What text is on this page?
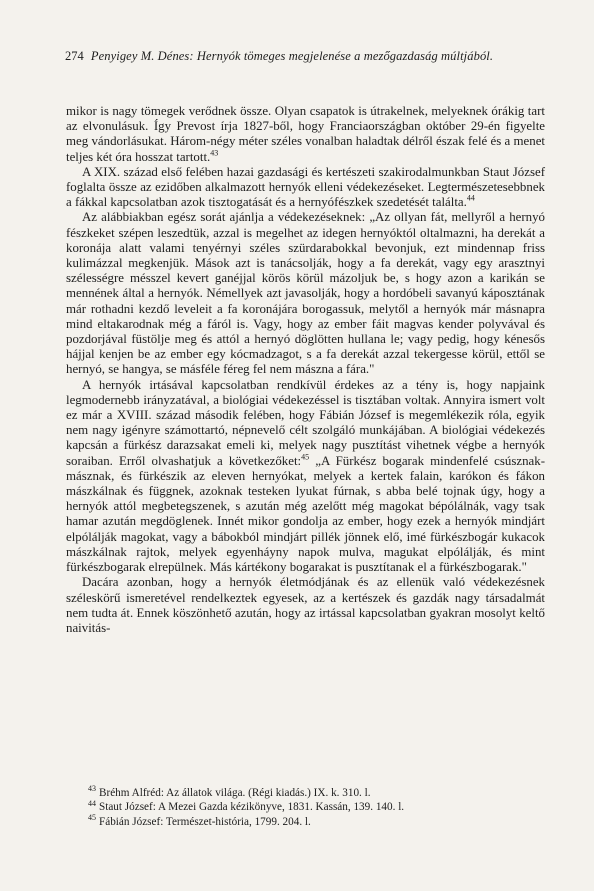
274 Penyigey M. Dénes: Hernyók tömeges megjelenése a mezőgazdaság múltjából.

mikor is nagy tömegek verődnek össze. Olyan csapatok is útrakelnek, melyeknek órákig tart az elvonulásuk. Így Prevost írja 1827-ből, hogy Franciaországban október 29-én figyelte meg vándorlásukat. Három-négy méter széles vonalban haladtak délről észak felé és a menet teljes két óra hosszat tartott.$^{43}$

A XIX. század első felében hazai gazdasági és kertészeti szakirodalmunkban Staut József foglalta össze az ezidőben alkalmazott hernyók elleni védekezéseket. Legtermészetesebbnek a fákkal kapcsolatban azok tisztogatását és a hernyófészkek szedetését találta.$^{44}$

Az alábbiakban egész sorát ajánlja a védekezéseknek: „Az ollyan fát, mellyről a hernyó fészkeket szépen leszedtük, azzal is megelhet az idegen hernyóktól oltalmazni, ha derekát a koronája alatt valami tenyérnyi széles szürdarabokkal bevonjuk, ezt mindennap friss kulimázzal megkenjük. Mások azt is tanácsolják, hogy a fa derekát, vagy egy arasztnyi szélességre mésszel kevert ganéjjal körös körül mázoljuk be, s hogy azon a karikán se mennének által a hernyók. Némellyek azt javasolják, hogy a hordóbeli savanyú káposztának már rothadni kezdő leveleit a fa koronájára borogassuk, melytől a hernyók már másnapra mind eltakarodnak még a fáról is. Vagy, hogy az ember fáit magvas kender polyvával és pozdorjával füstölje meg és attól a hernyó döglötten hullana le; vagy pedig, hogy kénesős hájjal kenjen be az ember egy kócmadzagot, s a fa derekát azzal tekergesse körül, ettől se hernyó, se hangya, se másféle féreg fel nem mászna a fára."

A hernyók irtásával kapcsolatban rendkívül érdekes az a tény is, hogy napjaink legmodernebb irányzatával, a biológiai védekezéssel is tisztában voltak. Annyira ismert volt ez már a XVIII. század második felében, hogy Fábián József is megemlékezik róla, egyik nem nagy igényre számottartó, népnevelő célt szolgáló munkájában. A biológiai védekezés kapcsán a fürkész darazsakat emeli ki, melyek nagy pusztítást vihetnek végbe a hernyók soraiban. Erről olvashatjuk a következőket:$^{45}$ „A Fürkész bogarak mindenfelé csúsznak-másznak, és fürkészik az eleven hernyókat, melyek a kertek falain, karókon és fákon mászkálnak és függnek, azoknak testeken lyukat fúrnak, s abba belé tojnak úgy, hogy a hernyók attól megbetegszenek, s azután még azelőtt még magokat bépólálnák, vagy tsak hamar azután megdöglenek. Innét mikor gondolja az ember, hogy ezek a hernyók mindjárt elpólálják magokat, vagy a bábokból mindjárt pillék jönnek elő, imé fürkészbogár kukacok mászkálnak rajtok, melyek egyenháyny napok mulva, magukat elpólálják, és mint fürkészbogarak elrepülnek. Más kártékony bogarakat is pusztítanak el a fürkészbogarak."

Dacára azonban, hogy a hernyók életmódjának és az ellenük való védekezésnek széleskörű ismeretével rendelkeztek egyesek, az a kertészek és gazdák nagy társadalmát nem tudta át. Ennek köszönhető azután, hogy az irtással kapcsolatban gyakran mosolyt keltő naivitás-

$^{43}$ Bréhm Alfréd: Az állatok világa. (Régi kiadás.) IX. k. 310. l.
$^{44}$ Staut József: A Mezei Gazda kézikönyve, 1831. Kassán, 139. 140. l.
$^{45}$ Fábián József: Természet-história, 1799. 204. l.
